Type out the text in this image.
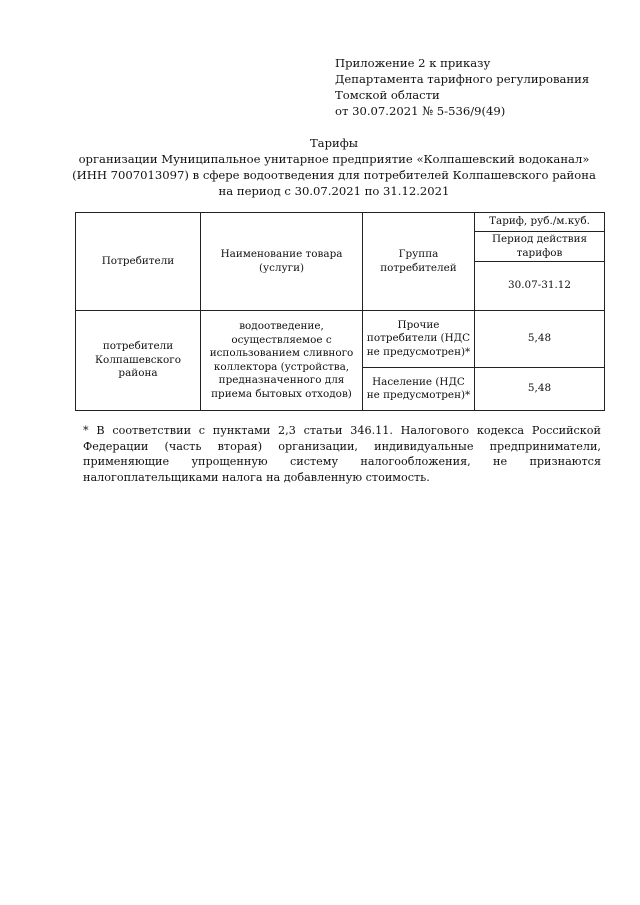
Приложение 2 к приказу
Департамента тарифного регулирования
Томской области
от 30.07.2021 № 5-536/9(49)
Тарифы
организации Муниципальное унитарное предприятие «Колпашевский водоканал»
(ИНН 7007013097) в сфере водоотведения для потребителей Колпашевского района
на период с 30.07.2021 по 31.12.2021
Потребители	Наименование товара (услуги)	Группа потребителей	Тариф, руб./м.куб.
			Период действия тарифов
			30.07-31.12
потребители Колпашевского района	водоотведение, осуществляемое с использованием сливного коллектора (устройства, предназначенного для приема бытовых отходов)	Прочие потребители (НДС не предусмотрен)*	5,48
		Население (НДС не предусмотрен)*	5,48
* В соответствии с пунктами 2,3 статьи 346.11. Налогового кодекса Российской Федерации (часть вторая) организации, индивидуальные предприниматели, применяющие упрощенную систему налогообложения, не признаются налогоплательщиками налога на добавленную стоимость.
